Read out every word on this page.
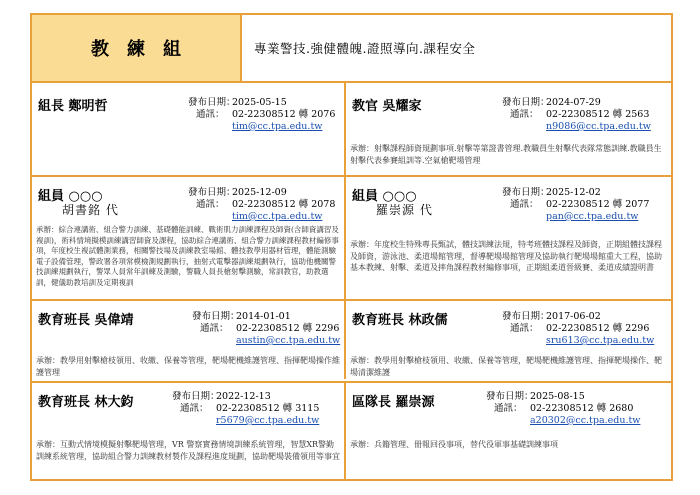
教練組	專業警技.強健體魄.證照導向.課程安全
組長 鄭明哲	發布日期：2025-05-15
通訊： 02-22308512 轉 2076
tim@cc.tpa.edu.tw
教官 吳耀家	發布日期：2024-07-29
通訊： 02-22308512 轉 2563
n9086@cc.tpa.edu.tw
承辦：射擊課程師資規劃事項.射擊等第證書管理.教職員生射擊代表隊常態訓練.教職員生射擊代表參賽組訓等.空氣槍靶場管理
組員 ○○○
胡書銘 代
發布日期：2025-12-09
通訊： 02-22308512 轉 2078
tim@cc.tpa.edu.tw
承辦：綜合連講術、組合警力訓練、基礎體能訓練、戰術肌力訓練課程及師資(含師資講習及複訓)，術科情境擬模訓練講習師資及課程，協助綜合連講術、組合警力訓練課程教材編修事項，年度校生複試體測業務，相關警技場及訓練教室場館、體技教學用器材管理，體能測驗電子設備管理，警政署各項常模檢測規劃執行，抽射式電擊器訓練規劃執行，協助他機關警技訓練規劃執行，警眾人員常年訓練及測驗，警職人員長槍射擊測驗，常訓教官，助教選訓，健儀助教培訓及定期複訓
組員 ○○○
羅崇源 代
發布日期：2025-12-02
通訊： 02-22308512 轉 2077
pan@cc.tpa.edu.tw
承辦：年度校生特殊專長甄試，體技訓練法規，特考班體技課程及師資，正期組體技課程及師資，游泳池、柔道場館管理，督導靶場場館管理及協助執行靶場場館重大工程，協助基本教練、射擊、柔道及摔角課程教材編修事項，正期組柔道晉級賽、柔道成績證明書
教育班長 吳偉靖	發布日期：2014-01-01
通訊： 02-22308512 轉 2296
austin@cc.tpa.edu.tw
承辦：教學用射擊槍枝領用、收繳、保養等管理，靶場靶機維護管理、指揮靶場操作維護管理
教育班長 林政儒	發布日期：2017-06-02
通訊： 02-22308512 轉 2296
sru613@cc.tpa.edu.tw
承辦：教學用射擊槍枝領用、收繳、保養等管理，靶場靶機維護管理、指揮靶場操作、靶場清潔維護
教育班長 林大鈞	發布日期：2022-12-13
通訊： 02-22308512 轉 3115
r5679@cc.tpa.edu.tw
承辦：互動式情境模擬射擊靶場管理，VR 警察實務情境訓練系統管理，智慧XR警勤訓練系統管理，協助組合警力訓練教材製作及課程進度規劃，協助靶場裝備領用等事宜
區隊長 羅崇源	發布日期：2025-08-15
通訊： 02-22308512 轉 2680
a20302@cc.tpa.edu.tw
承辦：兵籍管理、冊報回役事項，替代役軍事基礎訓練事項
